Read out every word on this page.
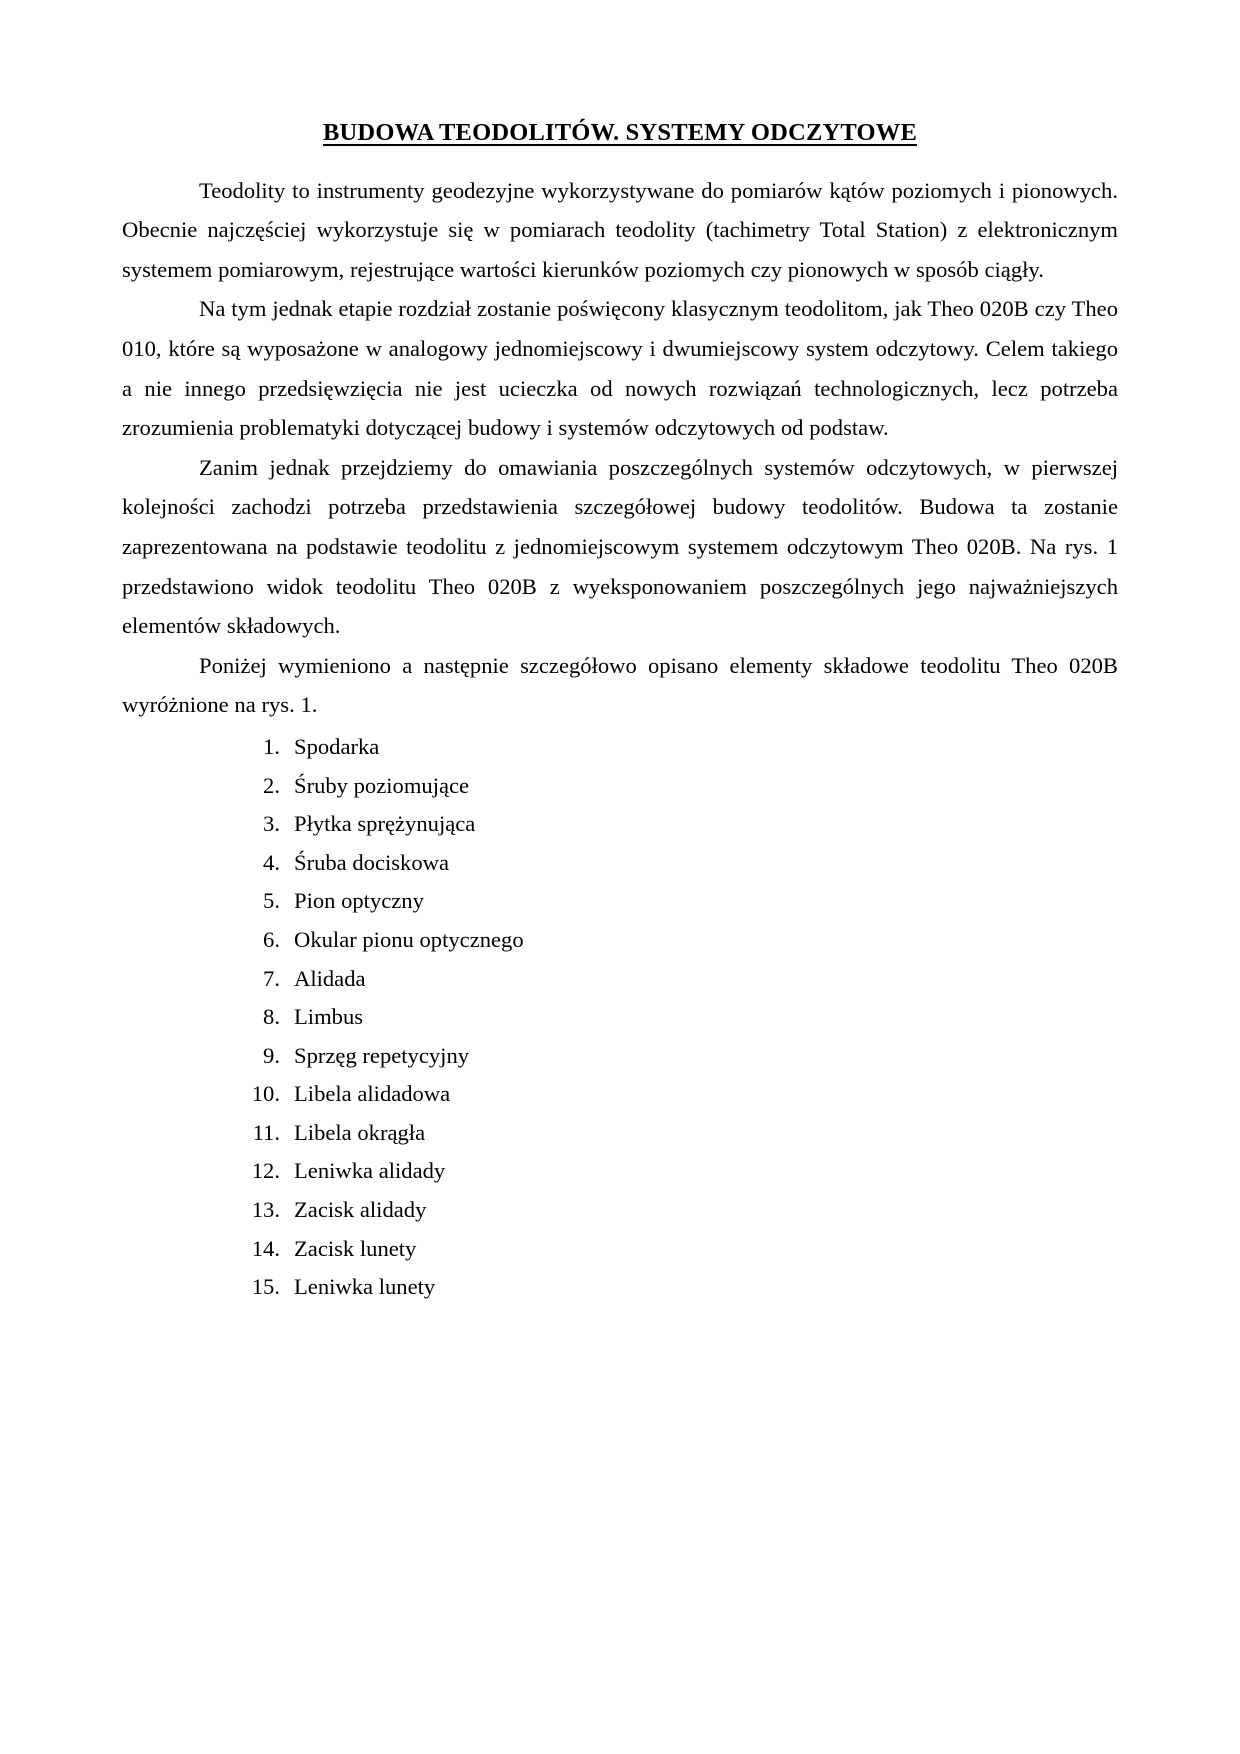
BUDOWA TEODOLITÓW. SYSTEMY ODCZYTOWE

Teodolity to instrumenty geodezyjne wykorzystywane do pomiarów kątów poziomych i pionowych. Obecnie najczęściej wykorzystuje się w pomiarach teodolity (tachimetry Total Station) z elektronicznym systemem pomiarowym, rejestrujące wartości kierunków poziomych czy pionowych w sposób ciągły.

Na tym jednak etapie rozdział zostanie poświęcony klasycznym teodolitom, jak Theo 020B czy Theo 010, które są wyposażone w analogowy jednomiejscowy i dwumiejscowy system odczytowy. Celem takiego a nie innego przedsięwzięcia nie jest ucieczka od nowych rozwiązań technologicznych, lecz potrzeba zrozumienia problematyki dotyczącej budowy i systemów odczytowych od podstaw.

Zanim jednak przejdziemy do omawiania poszczególnych systemów odczytowych, w pierwszej kolejności zachodzi potrzeba przedstawienia szczegółowej budowy teodolitów. Budowa ta zostanie zaprezentowana na podstawie teodolitu z jednomiejscowym systemem odczytowym Theo 020B. Na rys. 1 przedstawiono widok teodolitu Theo 020B z wyeksponowaniem poszczególnych jego najważniejszych elementów składowych.

Poniżej wymieniono a następnie szczegółowo opisano elementy składowe teodolitu Theo 020B wyróżnione na rys. 1.

1. Spodarka
2. Śruby poziomujące
3. Płytka sprężynująca
4. Śruba dociskowa
5. Pion optyczny
6. Okular pionu optycznego
7. Alidada
8. Limbus
9. Sprzęg repetycyjny
10. Libela alidadowa
11. Libela okrągła
12. Leniwka alidady
13. Zacisk alidady
14. Zacisk lunety
15. Leniwka lunety
